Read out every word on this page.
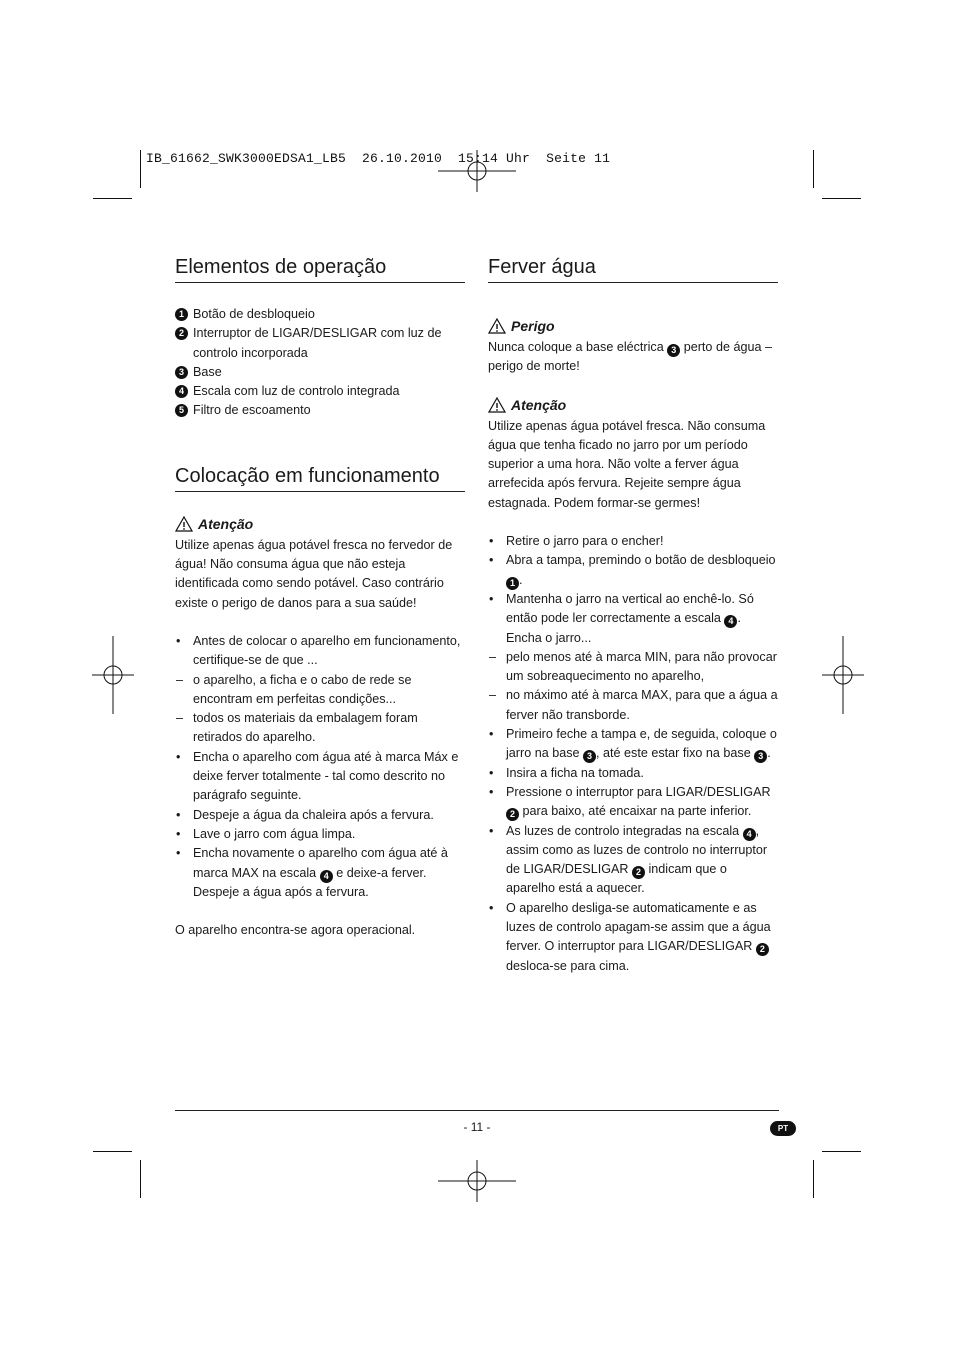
IB_61662_SWK3000EDSA1_LB5  26.10.2010  15:14 Uhr  Seite 11
Elementos de operação
1 Botão de desbloqueio
2 Interruptor de LIGAR/DESLIGAR com luz de controlo incorporada
3 Base
4 Escala com luz de controlo integrada
5 Filtro de escoamento
Colocação em funcionamento
Atenção

Utilize apenas água potável fresca no fervedor de água! Não consuma água que não esteja identificada como sendo potável. Caso contrário existe o perigo de danos para a sua saúde!

• Antes de colocar o aparelho em funcionamento, certifique-se de que ...
– o aparelho, a ficha e o cabo de rede se encontram em perfeitas condições...
– todos os materiais da embalagem foram retirados do aparelho.
• Encha o aparelho com água até à marca Máx e deixe ferver totalmente - tal como descrito no parágrafo seguinte.
• Despeje a água da chaleira após a fervura.
• Lave o jarro com água limpa.
• Encha novamente o aparelho com água até à marca MAX na escala 4 e deixe-a ferver. Despeje a água após a fervura.

O aparelho encontra-se agora operacional.

Ferver água
Perigo

Nunca coloque a base eléctrica 3 perto de água – perigo de morte!

Atenção

Utilize apenas água potável fresca. Não consuma água que tenha ficado no jarro por um período superior a uma hora. Não volte a ferver água arrefecida após fervura. Rejeite sempre água estagnada. Podem formar-se germes!

• Retire o jarro para o encher!
• Abra a tampa, premindo o botão de desbloqueio 1 .
• Mantenha o jarro na vertical ao enchê-lo. Só então pode ler correctamente a escala 4 . Encha o jarro...
– pelo menos até à marca MIN, para não provocar um sobreaquecimento no aparelho,
– no máximo até à marca MAX, para que a água a ferver não transborde.
• Primeiro feche a tampa e, de seguida, coloque o jarro na base 3 , até este estar fixo na base 3 .
• Insira a ficha na tomada.
• Pressione o interruptor para LIGAR/DESLIGAR 2 para baixo, até encaixar na parte inferior.
• As luzes de controlo integradas na escala 4 , assim como as luzes de controlo no interruptor de LIGAR/DESLIGAR 2 indicam que o aparelho está a aquecer.
• O aparelho desliga-se automaticamente e as luzes de controlo apagam-se assim que a água ferver. O interruptor para LIGAR/DESLIGAR 2 desloca-se para cima.
- 11 -	PT
